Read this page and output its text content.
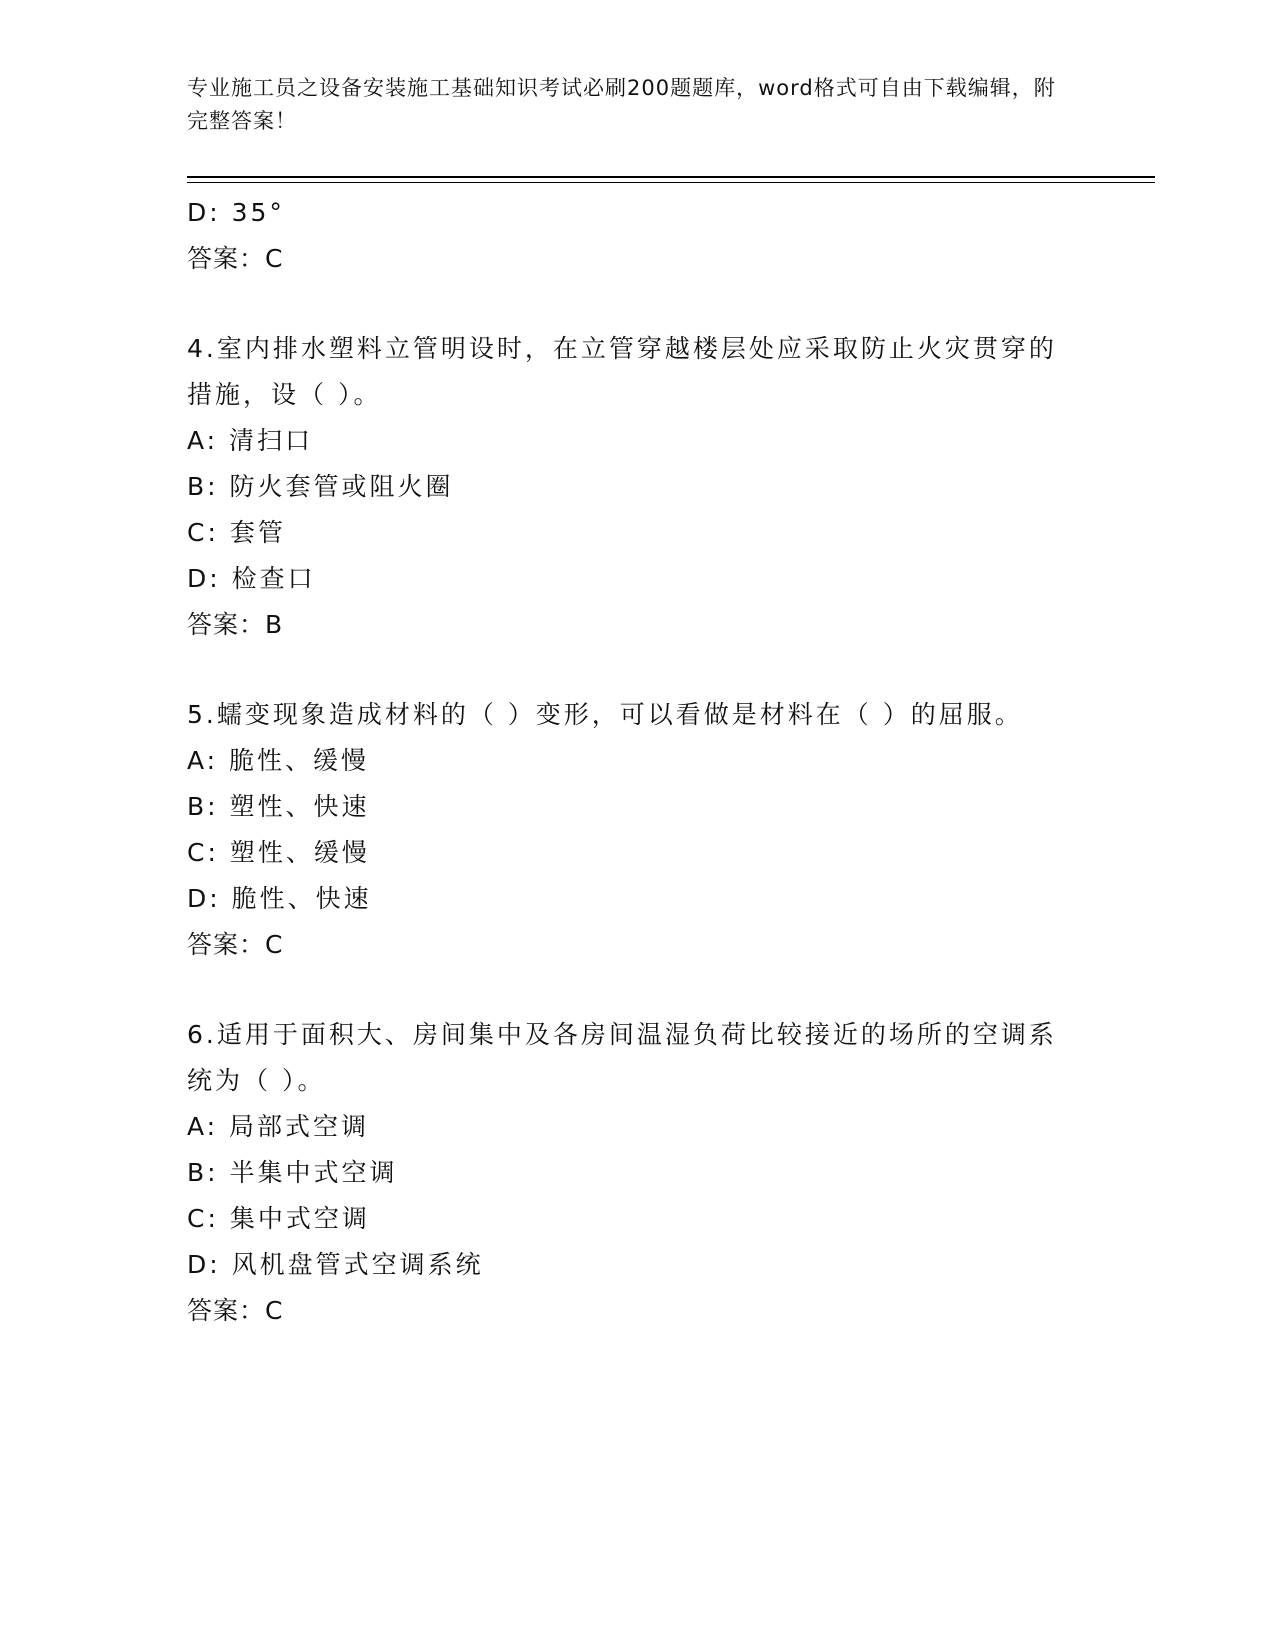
专业施工员之设备安装施工基础知识考试必刷200题题库，word格式可自由下载编辑，附完整答案！
D: 35°
答案：C
4.室内排水塑料立管明设时，在立管穿越楼层处应采取防止火灾贯穿的措施，设（ ）。
A: 清扫口
B: 防火套管或阻火圈
C: 套管
D: 检查口
答案：B
5.蠕变现象造成材料的（ ）变形，可以看做是材料在（ ）的屈服。
A: 脆性、缓慢
B: 塑性、快速
C: 塑性、缓慢
D: 脆性、快速
答案：C
6.适用于面积大、房间集中及各房间温湿负荷比较接近的场所的空调系统为（ ）。
A: 局部式空调
B: 半集中式空调
C: 集中式空调
D: 风机盘管式空调系统
答案：C
